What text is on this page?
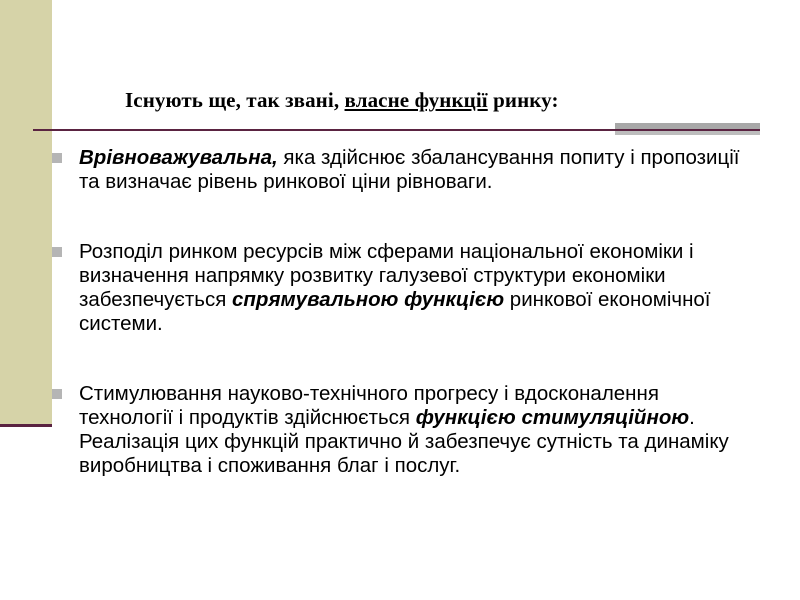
Існують ще, так звані, власне функції ринку:
Врівноважувальна, яка здійснює збалансування попиту і пропозиції та визначає рівень ринкової ціни рівноваги.
Розподіл ринком ресурсів між сферами національної економіки і визначення напрямку розвитку галузевої структури економіки забезпечується спрямувальною функцією ринкової економічної системи.
Стимулювання науково-технічного прогресу і вдосконалення технології і продуктів здійснюється функцією стимуляційною. Реалізація цих функцій практично й забезпечує сутність та динаміку виробництва і споживання благ і послуг.
